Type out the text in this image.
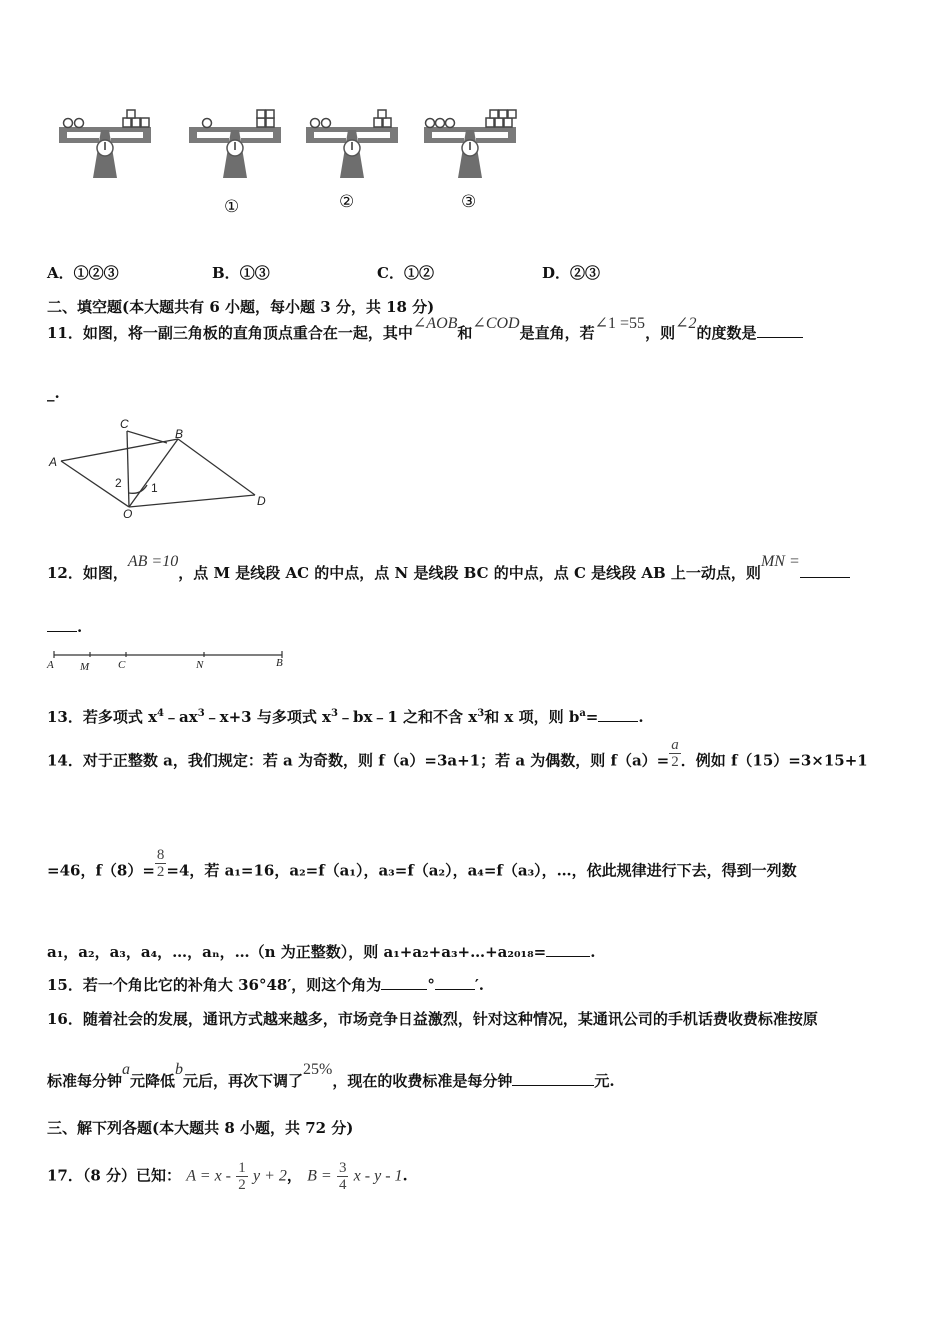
①	②	③
A．①②③	B．①③	C．①②	D．②③
二、填空题(本大题共有 6 小题，每小题 3 分，共 18 分)
11．如图，将一副三角板的直角顶点重合在一起，其中∠AOB和∠COD是直角，若∠1 =55，则∠2的度数是
_.
C
B
A
D
O
2 1
12．如图，AB =10，点 M 是线段 AC 的中点，点 N 是线段 BC 的中点，点 C 是线段 AB 上一动点，则MN =
.
A M	C	N	B
13．若多项式 $x^4﹣ax^3﹣x+3$ 与多项式 $x^3﹣bx﹣1$ 之和不含 $x^3$和 x 项，则 $b^a=$	.
14．对于正整数 a，我们规定：若 a 为奇数，则 f（a）=3a+1；若 a 为偶数，则 $f(a)= \frac{a}{2}$ ．例如 f（15）=3×15+1
=46，$f(8)= \frac{8}{2} =4$，若 a₁=16，a₂=f（a₁），a₃=f（a₂），a₄=f（a₃），…，依此规律进行下去，得到一列数
a₁，a₂，a₃，a₄，…，aₙ，…（n 为正整数），则 a₁+a₂+a₃+…+a₂₀₁₈=	.
15．若一个角比它的补角大 36°48′，则这个角为	°	′.
16．随着社会的发展，通讯方式越来越多，市场竞争日益激烈，针对这种情况，某通讯公司的手机话费收费标准按原
标准每分钟a元降低b元后，再次下调了25%，现在的收费标准是每分钟	元.
三、解下列各题(本大题共 8 小题，共 72 分)
17．（8 分）已知： $A = x - \frac{1}{2}$ y + 2， $B = \frac{3}{4}$ x - y - 1.
